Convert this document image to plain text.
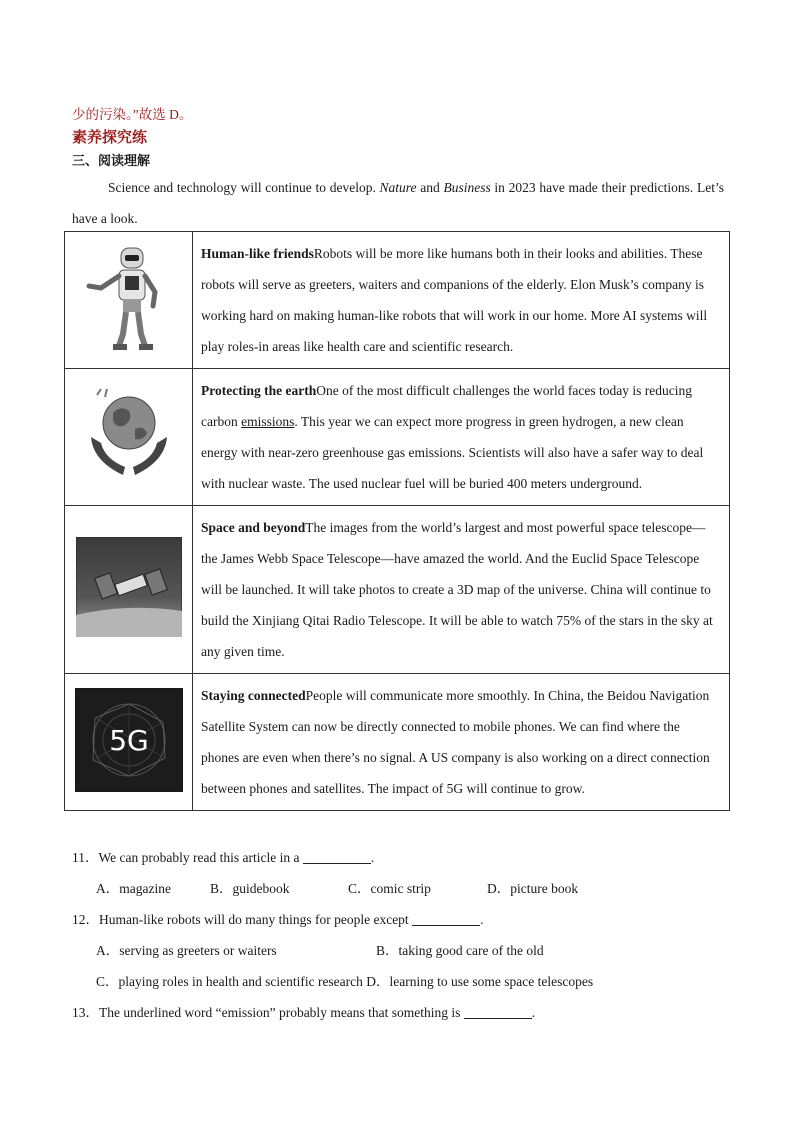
少的污染。”故选 D。
素养探究练
三、阅读理解
Science and technology will continue to develop. Nature and Business in 2023 have made their predictions. Let’s have a look.
	Human-like friendsRobots will be more like humans both in their looks and abilities. These robots will serve as greeters, waiters and companions of the elderly. Elon Musk’s company is working hard on making human-like robots that will work in our home. More AI systems will play roles-in areas like health care and scientific research.
	Protecting the earthOne of the most difficult challenges the world faces today is reducing carbon emissions. This year we can expect more progress in green hydrogen, a new clean energy with near-zero greenhouse gas emissions. Scientists will also have a safer way to deal with nuclear waste. The used nuclear fuel will be buried 400 meters underground.
	Space and beyondThe images from the world’s largest and most powerful space telescope—the James Webb Space Telescope—have amazed the world. And the Euclid Space Telescope will be launched. It will take photos to create a 3D map of the universe. China will continue to build the Xinjiang Qitai Radio Telescope. It will be able to watch 75% of the stars in the sky at any given time.

5G	Staying connectedPeople will communicate more smoothly. In China, the Beidou Navigation Satellite System can now be directly connected to mobile phones. We can find where the phones are even when there’s no signal. A US company is also working on a direct connection between phones and satellites. The impact of 5G will continue to grow.
11．We can probably read this article in a	.
A．magazine	B．guidebook	C．comic strip	D．picture book
12．Human-like robots will do many things for people except	.
A．serving as greeters or waiters	B．taking good care of the old
C．playing roles in health and scientific research D．learning to use some space telescopes
13．The underlined word “emission” probably means that something is	.
